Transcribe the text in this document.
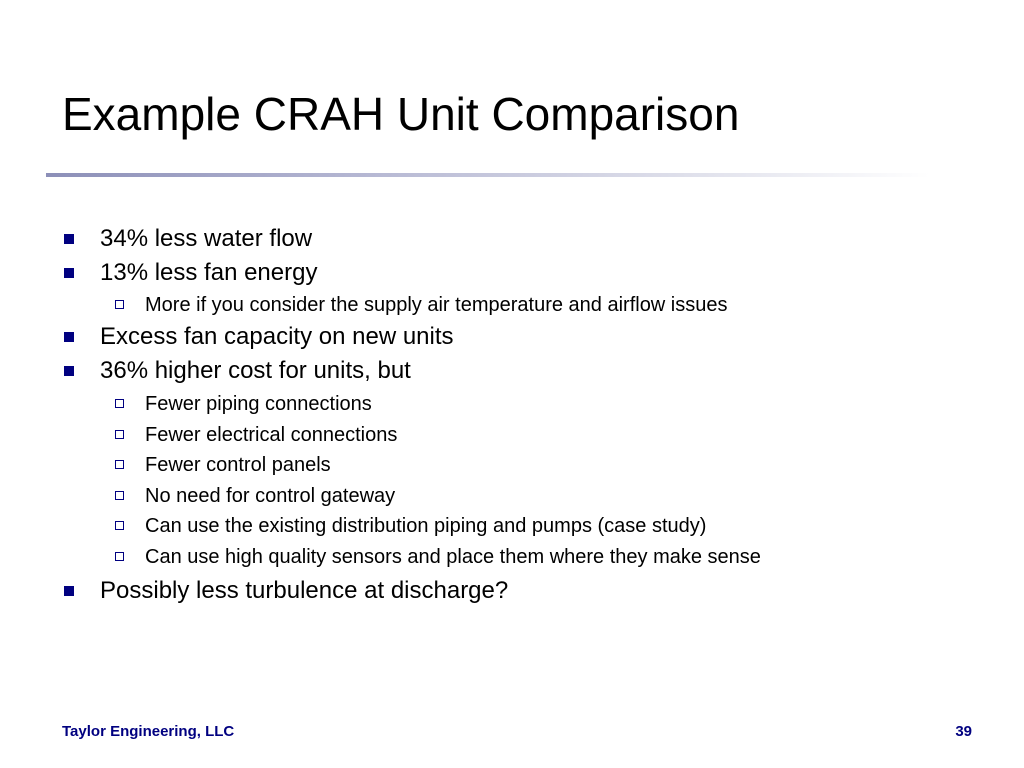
Example CRAH Unit Comparison
34% less water flow
13% less fan energy
More if you consider the supply air temperature and airflow issues
Excess fan capacity on new units
36% higher cost for units, but
Fewer piping connections
Fewer electrical connections
Fewer control panels
No need for control gateway
Can use the existing distribution piping and pumps (case study)
Can use high quality sensors and place them where they make sense
Possibly less turbulence at discharge?
Taylor Engineering, LLC	39
